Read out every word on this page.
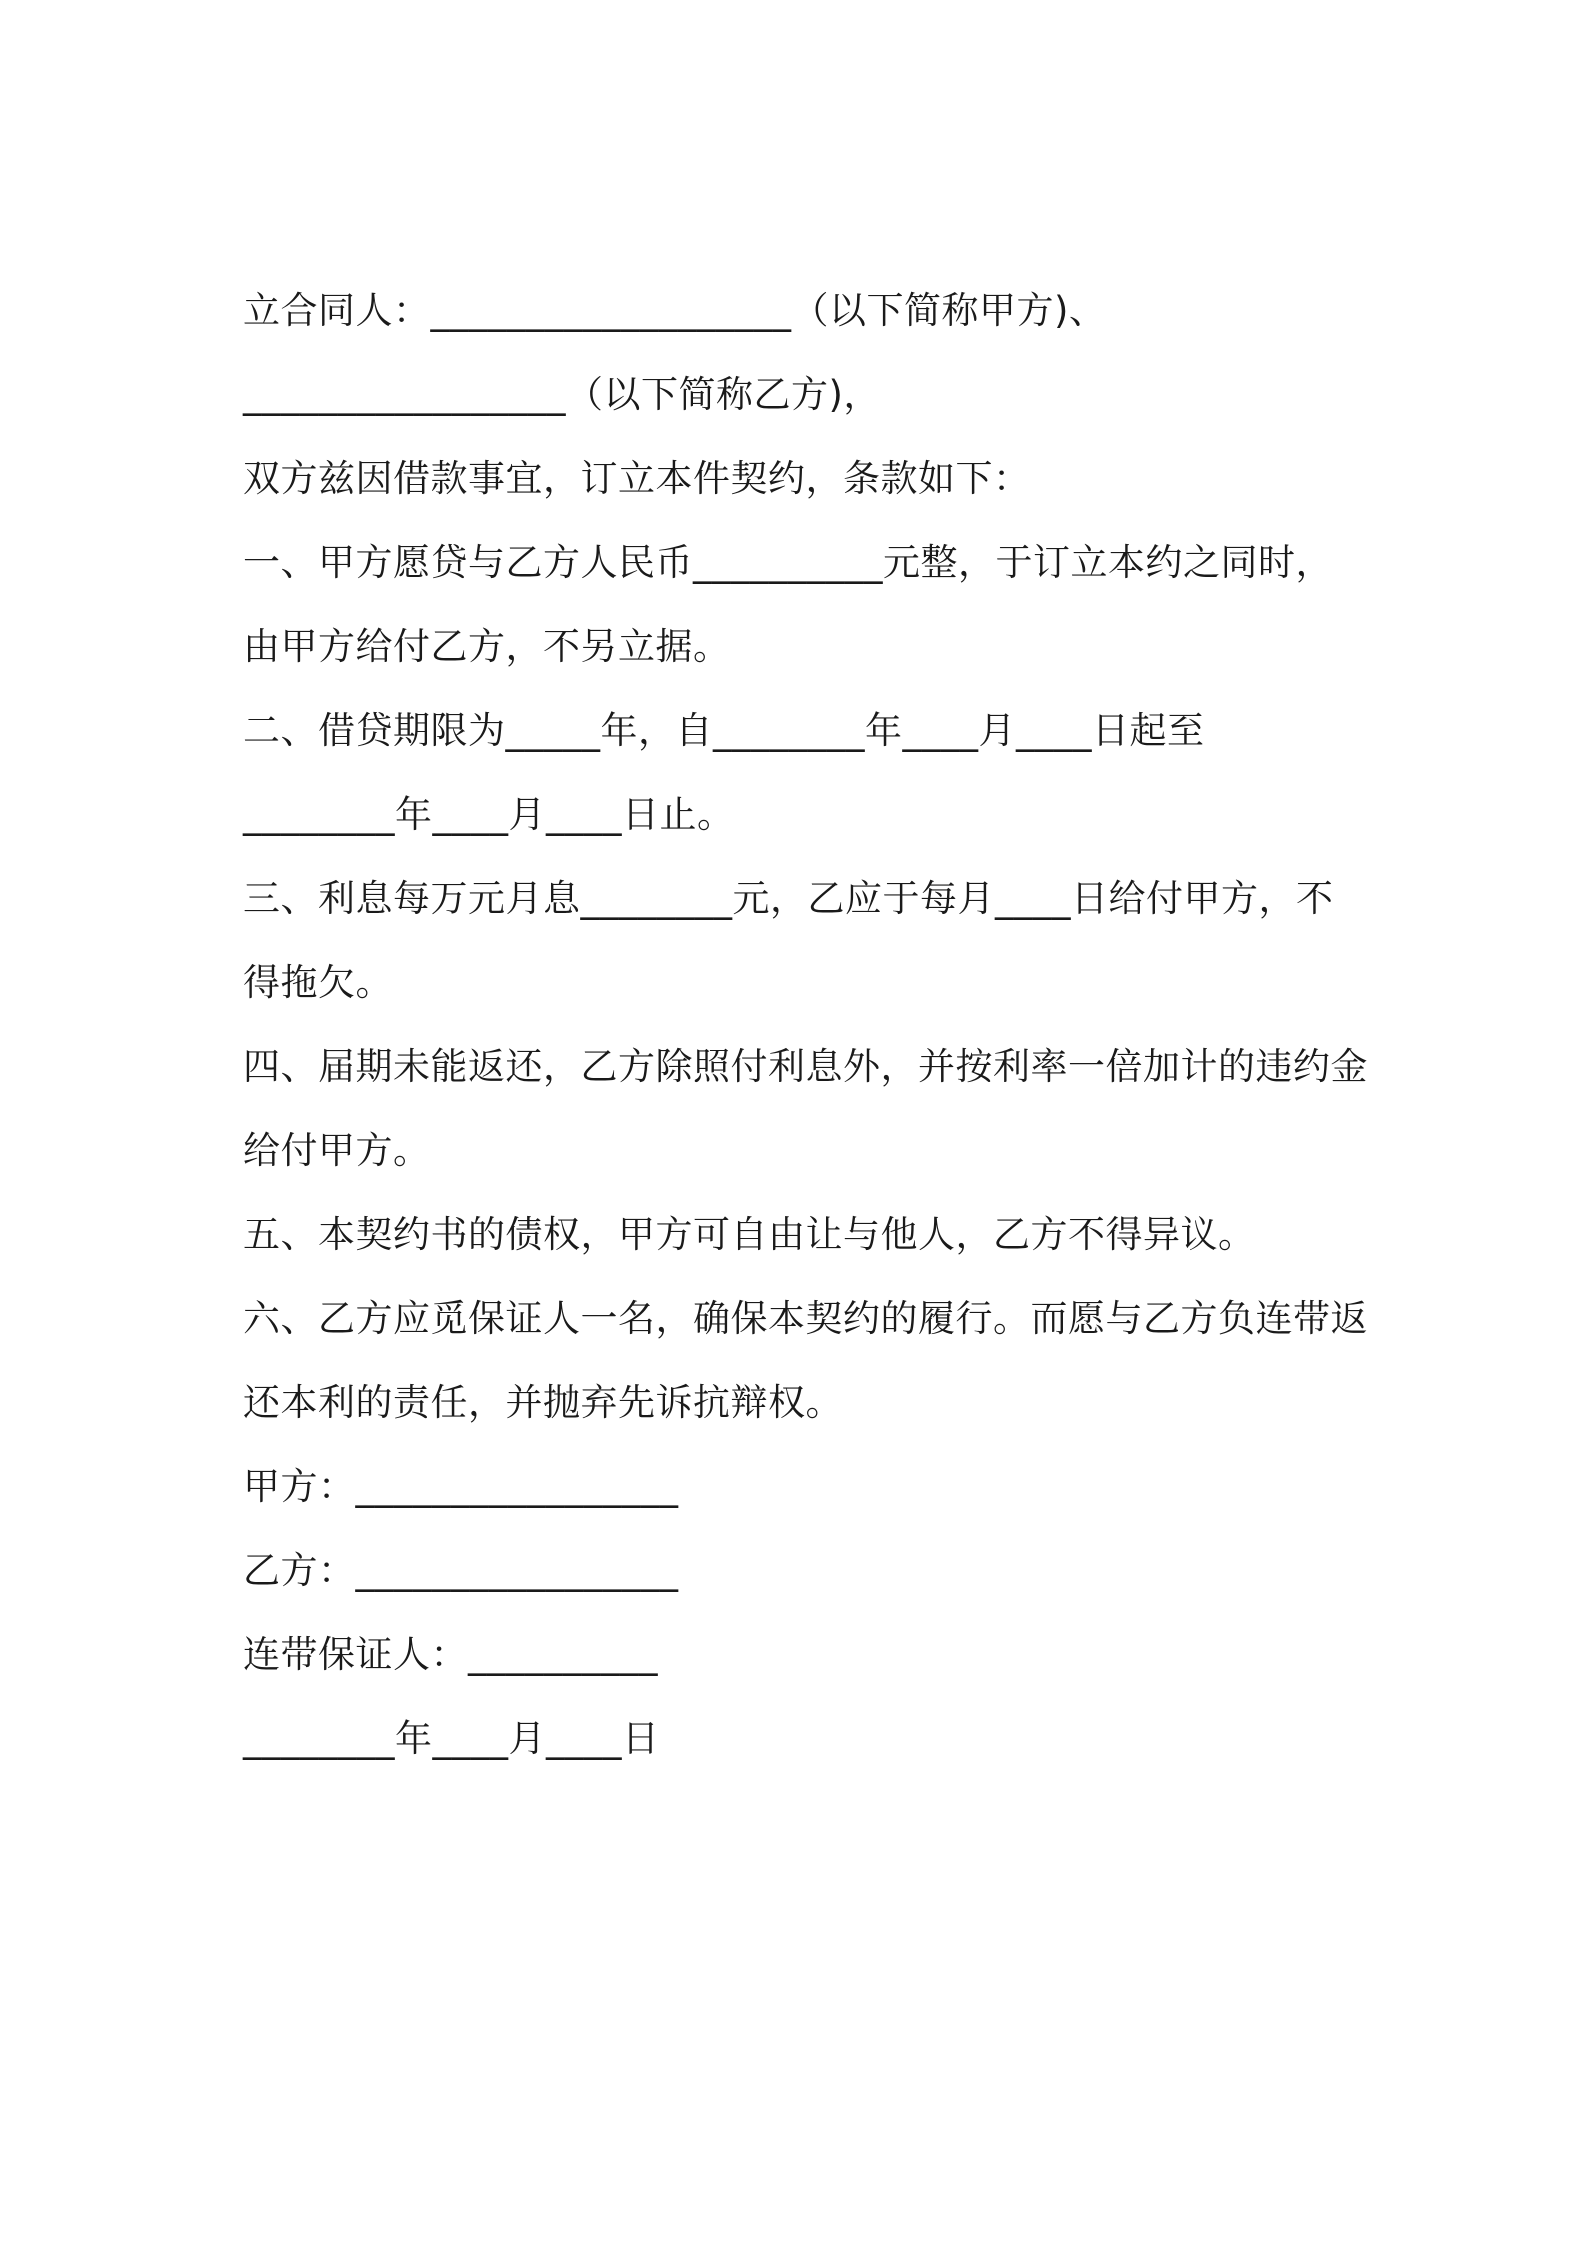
立合同人：___________________（以下简称甲方)、
_________________（以下简称乙方)，
双方兹因借款事宜，订立本件契约，条款如下：
一、甲方愿贷与乙方人民币__________元整，于订立本约之同时，
由甲方给付乙方，不另立据。
二、借贷期限为_____年，自________年____月____日起至
________年____月____日止。
三、利息每万元月息________元，乙应于每月____日给付甲方，不
得拖欠。
四、届期未能返还，乙方除照付利息外，并按利率一倍加计的违约金
给付甲方。
五、本契约书的债权，甲方可自由让与他人，乙方不得异议。
六、乙方应觅保证人一名，确保本契约的履行。而愿与乙方负连带返
还本利的责任，并抛弃先诉抗辩权。
甲方：_________________
乙方：_________________
连带保证人：__________
________年____月____日
